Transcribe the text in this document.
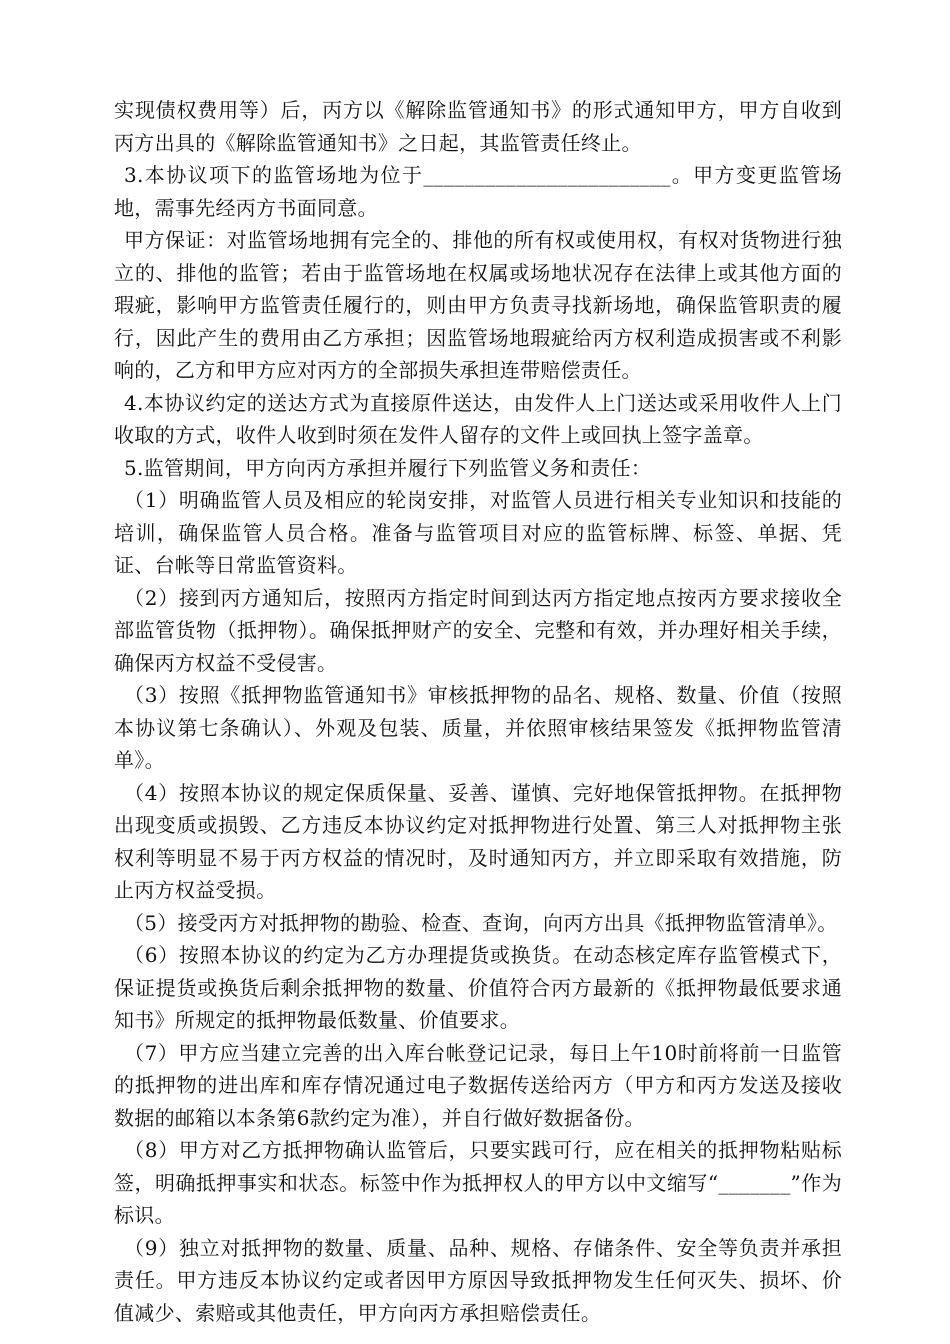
实现债权费用等）后，丙方以《解除监管通知书》的形式通知甲方，甲方自收到丙方出具的《解除监管通知书》之日起，其监管责任终止。

3.本协议项下的监管场地为位于________________________。甲方变更监管场地，需事先经丙方书面同意。

甲方保证：对监管场地拥有完全的、排他的所有权或使用权，有权对货物进行独立的、排他的监管；若由于监管场地在权属或场地状况存在法律上或其他方面的瑕疵，影响甲方监管责任履行的，则由甲方负责寻找新场地，确保监管职责的履行，因此产生的费用由乙方承担；因监管场地瑕疵给丙方权利造成损害或不利影响的，乙方和甲方应对丙方的全部损失承担连带赔偿责任。

4.本协议约定的送达方式为直接原件送达，由发件人上门送达或采用收件人上门收取的方式，收件人收到时须在发件人留存的文件上或回执上签字盖章。

5.监管期间，甲方向丙方承担并履行下列监管义务和责任：

（1）明确监管人员及相应的轮岗安排，对监管人员进行相关专业知识和技能的培训，确保监管人员合格。准备与监管项目对应的监管标牌、标签、单据、凭证、台帐等日常监管资料。

（2）接到丙方通知后，按照丙方指定时间到达丙方指定地点按丙方要求接收全部监管货物（抵押物）。确保抵押财产的安全、完整和有效，并办理好相关手续，确保丙方权益不受侵害。

（3）按照《抵押物监管通知书》审核抵押物的品名、规格、数量、价值（按照本协议第七条确认）、外观及包装、质量，并依照审核结果签发《抵押物监管清单》。

（4）按照本协议的规定保质保量、妥善、谨慎、完好地保管抵押物。在抵押物出现变质或损毁、乙方违反本协议约定对抵押物进行处置、第三人对抵押物主张权利等明显不易于丙方权益的情况时，及时通知丙方，并立即采取有效措施，防止丙方权益受损。

（5）接受丙方对抵押物的勘验、检查、查询，向丙方出具《抵押物监管清单》。

（6）按照本协议的约定为乙方办理提货或换货。在动态核定库存监管模式下，保证提货或换货后剩余抵押物的数量、价值符合丙方最新的《抵押物最低要求通知书》所规定的抵押物最低数量、价值要求。

（7）甲方应当建立完善的出入库台帐登记记录，每日上午10时前将前一日监管的抵押物的进出库和库存情况通过电子数据传送给丙方（甲方和丙方发送及接收数据的邮箱以本条第6款约定为准），并自行做好数据备份。

（8）甲方对乙方抵押物确认监管后，只要实践可行，应在相关的抵押物粘贴标签，明确抵押事实和状态。标签中作为抵押权人的甲方以中文缩写“_______”作为标识。

（9）独立对抵押物的数量、质量、品种、规格、存储条件、安全等负责并承担责任。甲方违反本协议约定或者因甲方原因导致抵押物发生任何灭失、损坏、价值减少、索赔或其他责任，甲方向丙方承担赔偿责任。
